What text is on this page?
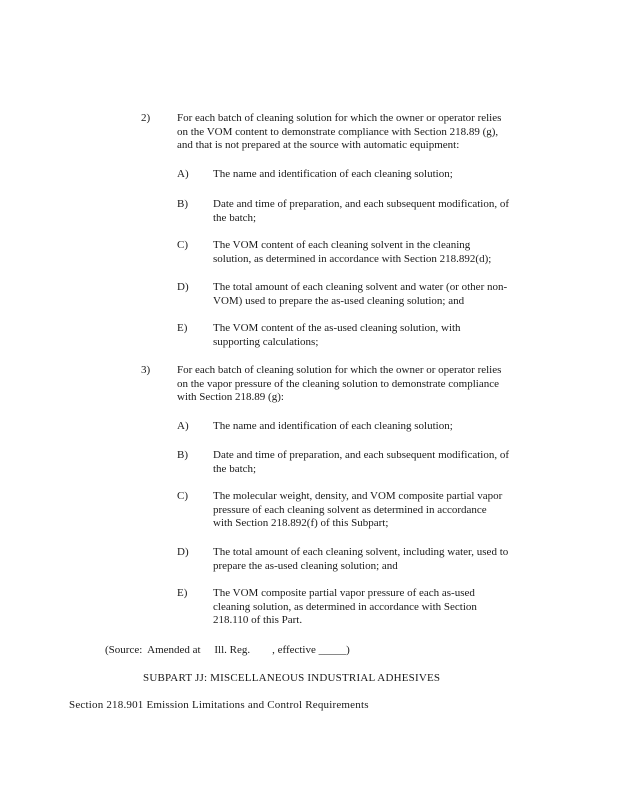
2) For each batch of cleaning solution for which the owner or operator relies
on the VOM content to demonstrate compliance with Section 218.89 (g),
and that is not prepared at the source with automatic equipment:
A) The name and identification of each cleaning solution;
B) Date and time of preparation, and each subsequent modification, of
the batch;
C) The VOM content of each cleaning solvent in the cleaning
solution, as determined in accordance with Section 218.892(d);
D) The total amount of each cleaning solvent and water (or other non-
VOM) used to prepare the as-used cleaning solution; and
E) The VOM content of the as-used cleaning solution, with
supporting calculations;
3) For each batch of cleaning solution for which the owner or operator relies
on the vapor pressure of the cleaning solution to demonstrate compliance
with Section 218.89 (g):
A) The name and identification of each cleaning solution;
B) Date and time of preparation, and each subsequent modification, of
the batch;
C) The molecular weight, density, and VOM composite partial vapor
pressure of each cleaning solvent as determined in accordance
with Section 218.892(f) of this Subpart;
D) The total amount of each cleaning solvent, including water, used to
prepare the as-used cleaning solution; and
E) The VOM composite partial vapor pressure of each as-used
cleaning solution, as determined in accordance with Section
218.110 of this Part.
(Source:  Amended at     Ill. Reg.        , effective _____)
SUBPART JJ: MISCELLANEOUS INDUSTRIAL ADHESIVES
Section 218.901 Emission Limitations and Control Requirements
